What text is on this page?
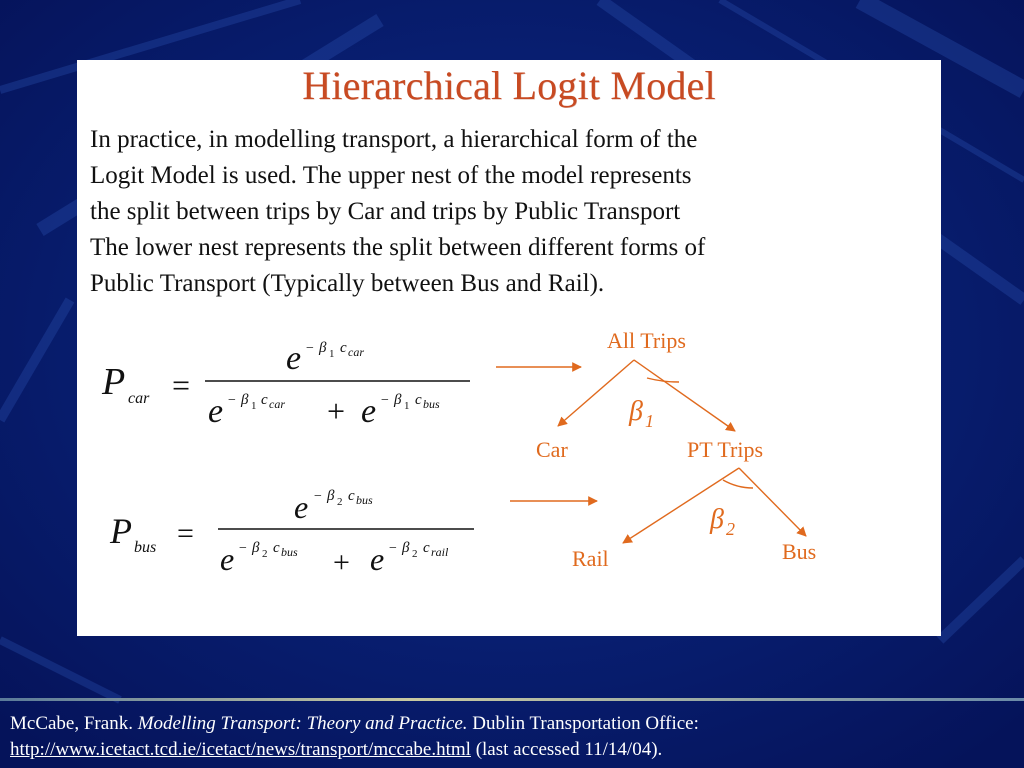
Hierarchical Logit Model
In practice, in modelling transport, a hierarchical form of the
Logit Model is used. The upper nest of the model represents
the split between trips by Car and trips by Public Transport
The lower nest represents the split between different forms of
Public Transport (Typically between Bus and Rail).
P car =
e − β 1 c car
e − β 1 c car + e − β 1 c bus
P bus =
e − β 2 c bus
e − β 2 c bus + e − β 2 c rail
All Trips
β 1
Car	PT Trips
β 2
Rail	Bus
McCabe, Frank. Modelling Transport: Theory and Practice. Dublin Transportation Office:
http://www.icetact.tcd.ie/icetact/news/transport/mccabe.html (last accessed 11/14/04).
